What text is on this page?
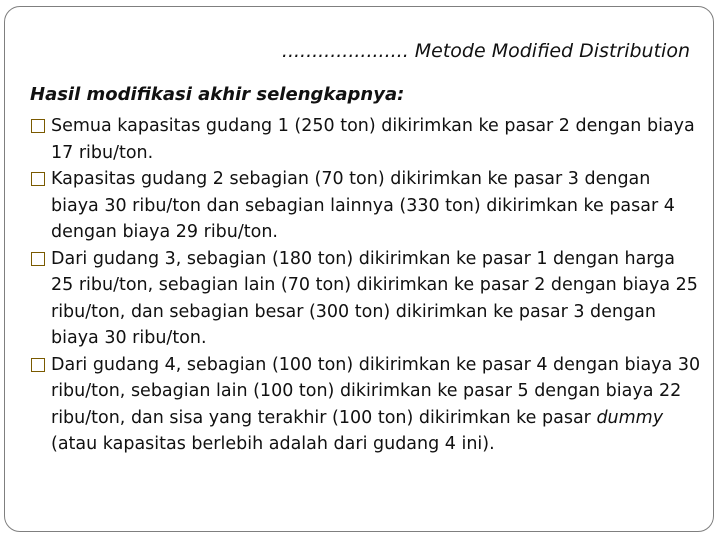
..................... Metode Modified Distribution
Hasil modifikasi akhir selengkapnya:
Semua kapasitas gudang 1 (250 ton) dikirimkan ke pasar 2 dengan biaya 17 ribu/ton.
Kapasitas gudang 2 sebagian (70 ton) dikirimkan ke pasar 3 dengan biaya 30 ribu/ton dan sebagian lainnya (330 ton) dikirimkan ke pasar 4 dengan biaya 29 ribu/ton.
Dari gudang 3, sebagian (180 ton) dikirimkan ke pasar 1 dengan harga 25 ribu/ton, sebagian lain (70 ton) dikirimkan ke pasar 2 dengan biaya 25 ribu/ton, dan sebagian besar (300 ton) dikirimkan ke pasar 3 dengan biaya 30 ribu/ton.
Dari gudang 4, sebagian (100 ton) dikirimkan ke pasar 4 dengan biaya 30 ribu/ton, sebagian lain (100 ton) dikirimkan ke pasar 5 dengan biaya 22 ribu/ton, dan sisa yang terakhir (100 ton) dikirimkan ke pasar dummy (atau kapasitas berlebih adalah dari gudang 4 ini).
